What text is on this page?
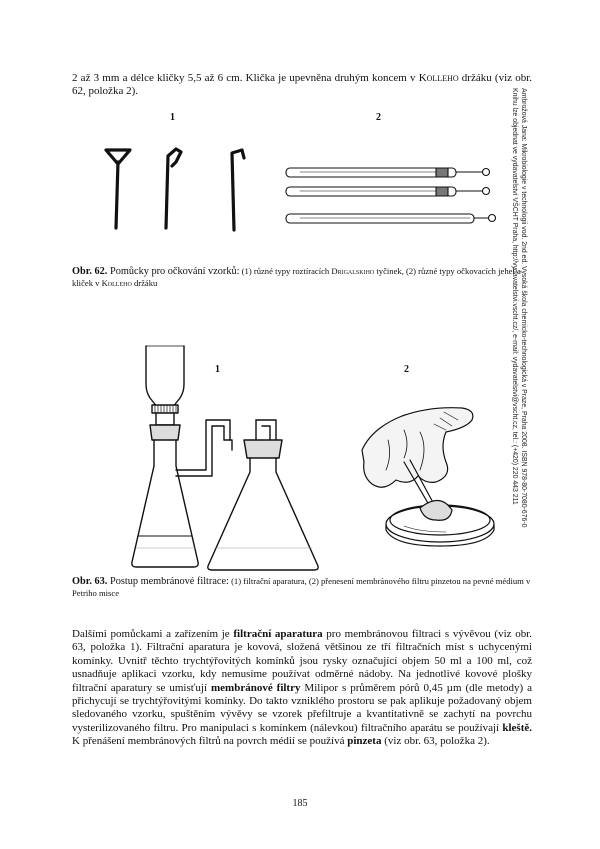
2 až 3 mm a délce kličky 5,5 až 6 cm. Klička je upevněna druhým koncem v Kolleho držáku (viz obr. 62, položka 2).

1	2

Obr. 62. Pomůcky pro očkování vzorků: (1) různé typy roztíracích Drigalskiho tyčinek, (2) různé typy očkovacích jehel a kliček v Kolleho držáku

1	2

Obr. 63. Postup membránové filtrace: (1) filtrační aparatura, (2) přenesení membránového filtru pinzetou na pevné médium v Petriho misce

Dalšími pomůckami a zařízením je filtrační aparatura pro membránovou filtraci s vývěvou (viz obr. 63, položka 1). Filtrační aparatura je kovová, složená většinou ze tří filtračních míst s uchycenými komínky. Uvnitř těchto trychtýřovitých komínků jsou rysky označující objem 50 ml a 100 ml, což usnadňuje aplikaci vzorku, kdy nemusíme používat odměrné nádoby. Na jednotlivé kovové plošky filtrační aparatury se umisťují membránové filtry Milipor s průměrem pórů 0,45 µm (dle metody) a přichycují se trychtýřovitými komínky. Do takto vzniklého prostoru se pak aplikuje požadovaný objem sledovaného vzorku, spuštěním vývěvy se vzorek přefiltruje a kvantitativně se zachytí na povrchu vysterilizovaného filtru. Pro manipulaci s komínkem (nálevkou) filtračního aparátu se používají kleště. K přenášení membránových filtrů na povrch médií se používá pinzeta (viz obr. 63, položka 2).

Ambrožová Jana: Mikrobiologie v technologii vod. 2nd ed. Vysoká škola chemicko-technologická v Praze, Praha 2008. ISBN 978-80-7080-676-0
Knihu lze objednat ve vydavatelství VŠCHT Praha, http://vydavatelstvi.vscht.cz/, e-mail: vydavatelstvi@vscht.cz, tel.: (+420) 220 443 211
185
